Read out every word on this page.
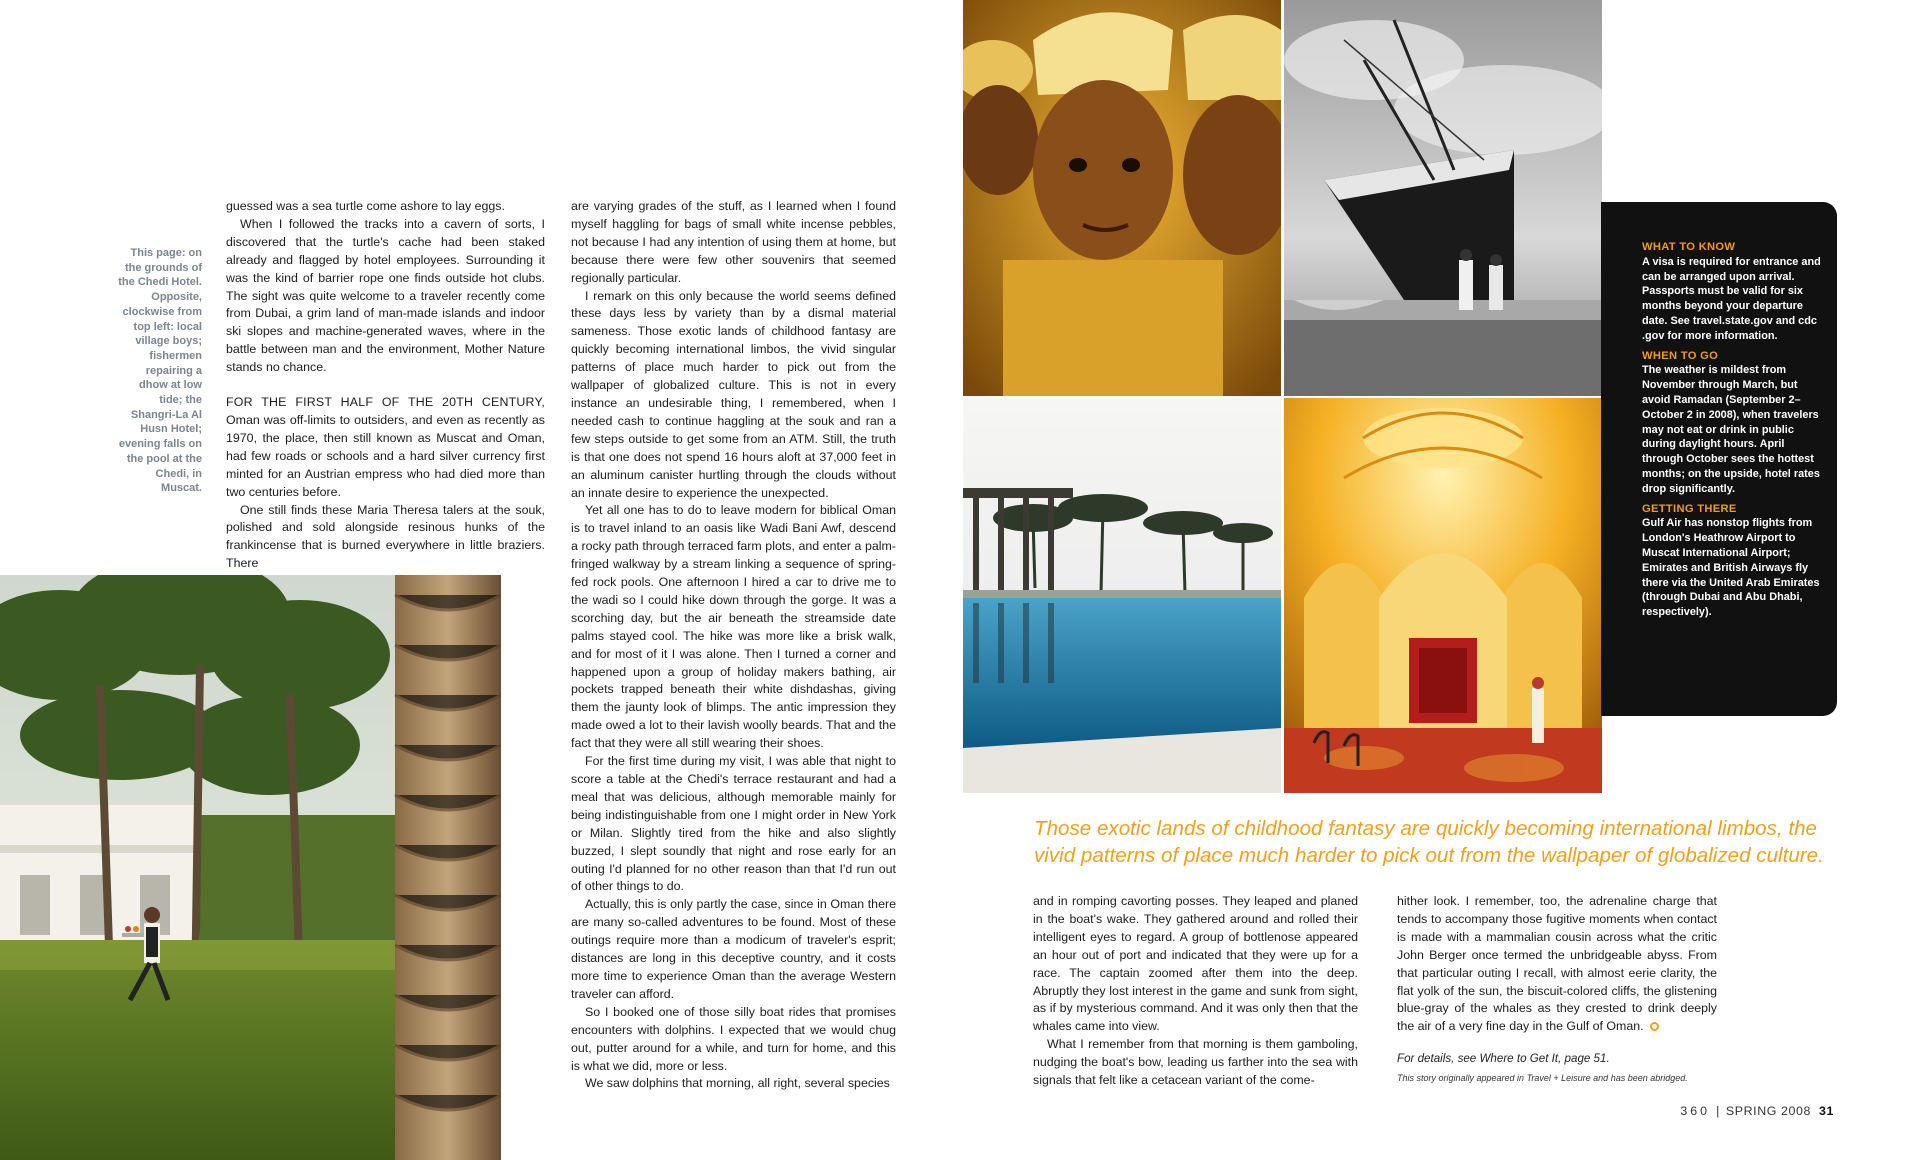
This page: on the grounds of the Chedi Hotel. Opposite, clockwise from top left: local village boys; fishermen repairing a dhow at low tide; the Shangri-La Al Husn Hotel; evening falls on the pool at the Chedi, in Muscat.

guessed was a sea turtle come ashore to lay eggs.

When I followed the tracks into a cavern of sorts, I discovered that the turtle's cache had been staked already and flagged by hotel employees. Surrounding it was the kind of barrier rope one finds outside hot clubs. The sight was quite welcome to a traveler recently come from Dubai, a grim land of man-made islands and indoor ski slopes and machine-generated waves, where in the battle between man and the environment, Mother Nature stands no chance.

FOR THE FIRST HALF OF THE 20TH CENTURY, Oman was off-limits to outsiders, and even as recently as 1970, the place, then still known as Muscat and Oman, had few roads or schools and a hard silver currency first minted for an Austrian empress who had died more than two centuries before.

One still finds these Maria Theresa talers at the souk, polished and sold alongside resinous hunks of the frankincense that is burned everywhere in little braziers. There

are varying grades of the stuff, as I learned when I found myself haggling for bags of small white incense pebbles, not because I had any intention of using them at home, but because there were few other souvenirs that seemed regionally particular.

I remark on this only because the world seems defined these days less by variety than by a dismal material sameness. Those exotic lands of childhood fantasy are quickly becoming international limbos, the vivid singular patterns of place much harder to pick out from the wallpaper of globalized culture. This is not in every instance an undesirable thing, I remembered, when I needed cash to continue haggling at the souk and ran a few steps outside to get some from an ATM. Still, the truth is that one does not spend 16 hours aloft at 37,000 feet in an aluminum canister hurtling through the clouds without an innate desire to experience the unexpected.

Yet all one has to do to leave modern for biblical Oman is to travel inland to an oasis like Wadi Bani Awf, descend a rocky path through terraced farm plots, and enter a palm-fringed walkway by a stream linking a sequence of spring-fed rock pools. One afternoon I hired a car to drive me to the wadi so I could hike down through the gorge. It was a scorching day, but the air beneath the streamside date palms stayed cool. The hike was more like a brisk walk, and for most of it I was alone. Then I turned a corner and happened upon a group of holiday makers bathing, air pockets trapped beneath their white dishdashas, giving them the jaunty look of blimps. The antic impression they made owed a lot to their lavish woolly beards. That and the fact that they were all still wearing their shoes.

For the first time during my visit, I was able that night to score a table at the Chedi's terrace restaurant and had a meal that was delicious, although memorable mainly for being indistinguishable from one I might order in New York or Milan. Slightly tired from the hike and also slightly buzzed, I slept soundly that night and rose early for an outing I'd planned for no other reason than that I'd run out of other things to do.

Actually, this is only partly the case, since in Oman there are many so-called adventures to be found. Most of these outings require more than a modicum of traveler's esprit; distances are long in this deceptive country, and it costs more time to experience Oman than the average Western traveler can afford.

So I booked one of those silly boat rides that promises encounters with dolphins. I expected that we would chug out, putter around for a while, and turn for home, and this is what we did, more or less.

We saw dolphins that morning, all right, several species

WHAT TO KNOW
A visa is required for entrance and can be arranged upon arrival. Passports must be valid for six months beyond your departure date. See travel.state.gov and cdc .gov for more information.
WHEN TO GO
The weather is mildest from November through March, but avoid Ramadan (September 2–October 2 in 2008), when travelers may not eat or drink in public during daylight hours. April through October sees the hottest months; on the upside, hotel rates drop significantly.
GETTING THERE
Gulf Air has nonstop flights from London's Heathrow Airport to Muscat International Airport; Emirates and British Airways fly there via the United Arab Emirates (through Dubai and Abu Dhabi, respectively).
Those exotic lands of childhood fantasy are quickly becoming international limbos, the vivid patterns of place much harder to pick out from the wallpaper of globalized culture.

and in romping cavorting posses. They leaped and planed in the boat's wake. They gathered around and rolled their intelligent eyes to regard. A group of bottlenose appeared an hour out of port and indicated that they were up for a race. The captain zoomed after them into the deep. Abruptly they lost interest in the game and sunk from sight, as if by mysterious command. And it was only then that the whales came into view.

What I remember from that morning is them gamboling, nudging the boat's bow, leading us farther into the sea with signals that felt like a cetacean variant of the come-

hither look. I remember, too, the adrenaline charge that tends to accompany those fugitive moments when contact is made with a mammalian cousin across what the critic John Berger once termed the unbridgeable abyss. From that particular outing I recall, with almost eerie clarity, the flat yolk of the sun, the biscuit-colored cliffs, the glistening blue-gray of the whales as they crested to drink deeply the air of a very fine day in the Gulf of Oman.

For details, see Where to Get It, page 51.
This story originally appeared in Travel + Leisure and has been abridged.
360 | SPRING 2008 31
